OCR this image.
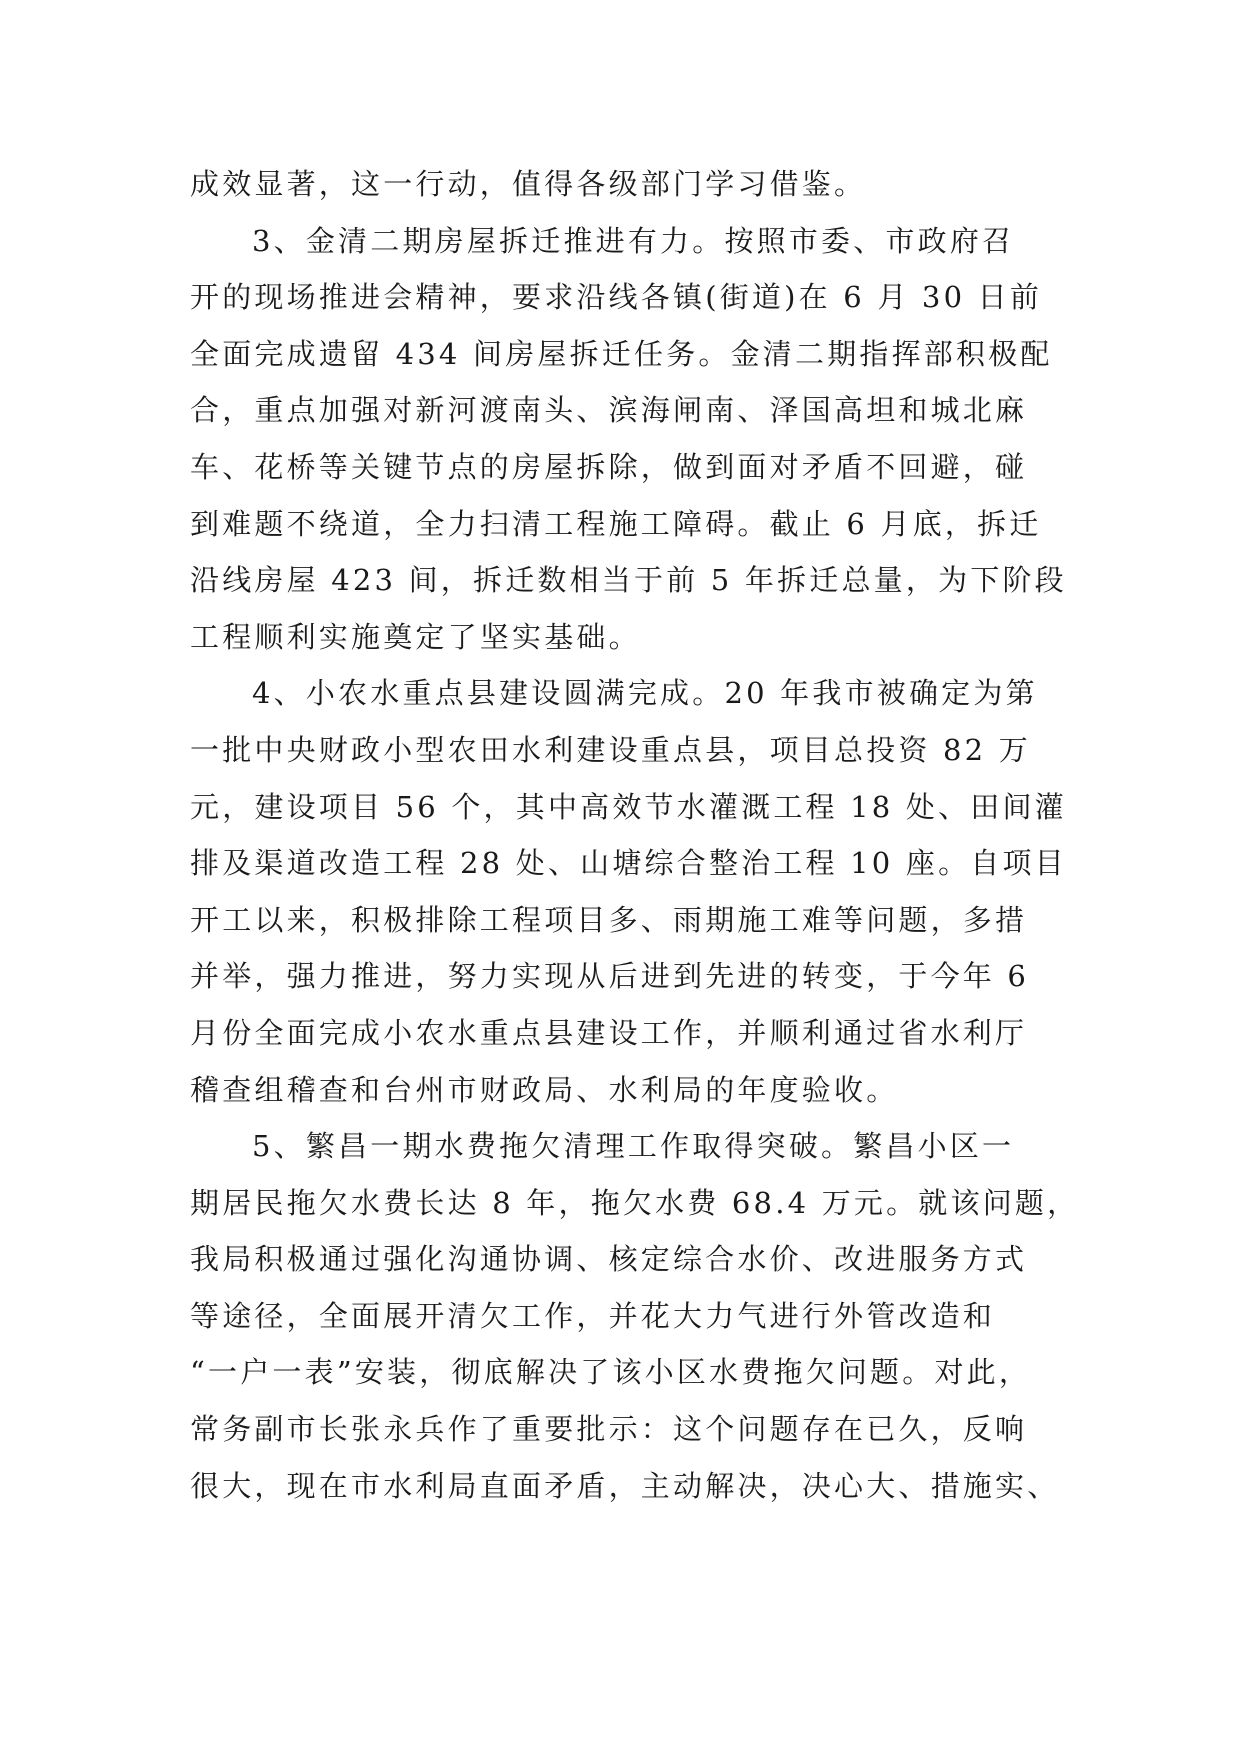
成效显著，这一行动，值得各级部门学习借鉴。
3、金清二期房屋拆迁推进有力。按照市委、市政府召
开的现场推进会精神，要求沿线各镇(街道)在 6 月 30 日前
全面完成遗留 434 间房屋拆迁任务。金清二期指挥部积极配
合，重点加强对新河渡南头、滨海闸南、泽国高坦和城北麻
车、花桥等关键节点的房屋拆除，做到面对矛盾不回避，碰
到难题不绕道，全力扫清工程施工障碍。截止 6 月底，拆迁
沿线房屋 423 间，拆迁数相当于前 5 年拆迁总量，为下阶段
工程顺利实施奠定了坚实基础。
4、小农水重点县建设圆满完成。20 年我市被确定为第
一批中央财政小型农田水利建设重点县，项目总投资 82 万
元，建设项目 56 个，其中高效节水灌溉工程 18 处、田间灌
排及渠道改造工程 28 处、山塘综合整治工程 10 座。自项目
开工以来，积极排除工程项目多、雨期施工难等问题，多措
并举，强力推进，努力实现从后进到先进的转变，于今年 6
月份全面完成小农水重点县建设工作，并顺利通过省水利厅
稽查组稽查和台州市财政局、水利局的年度验收。
5、繁昌一期水费拖欠清理工作取得突破。繁昌小区一
期居民拖欠水费长达 8 年，拖欠水费 68.4 万元。就该问题，
我局积极通过强化沟通协调、核定综合水价、改进服务方式
等途径，全面展开清欠工作，并花大力气进行外管改造和
“一户一表”安装，彻底解决了该小区水费拖欠问题。对此，
常务副市长张永兵作了重要批示：这个问题存在已久，反响
很大，现在市水利局直面矛盾，主动解决，决心大、措施实、
